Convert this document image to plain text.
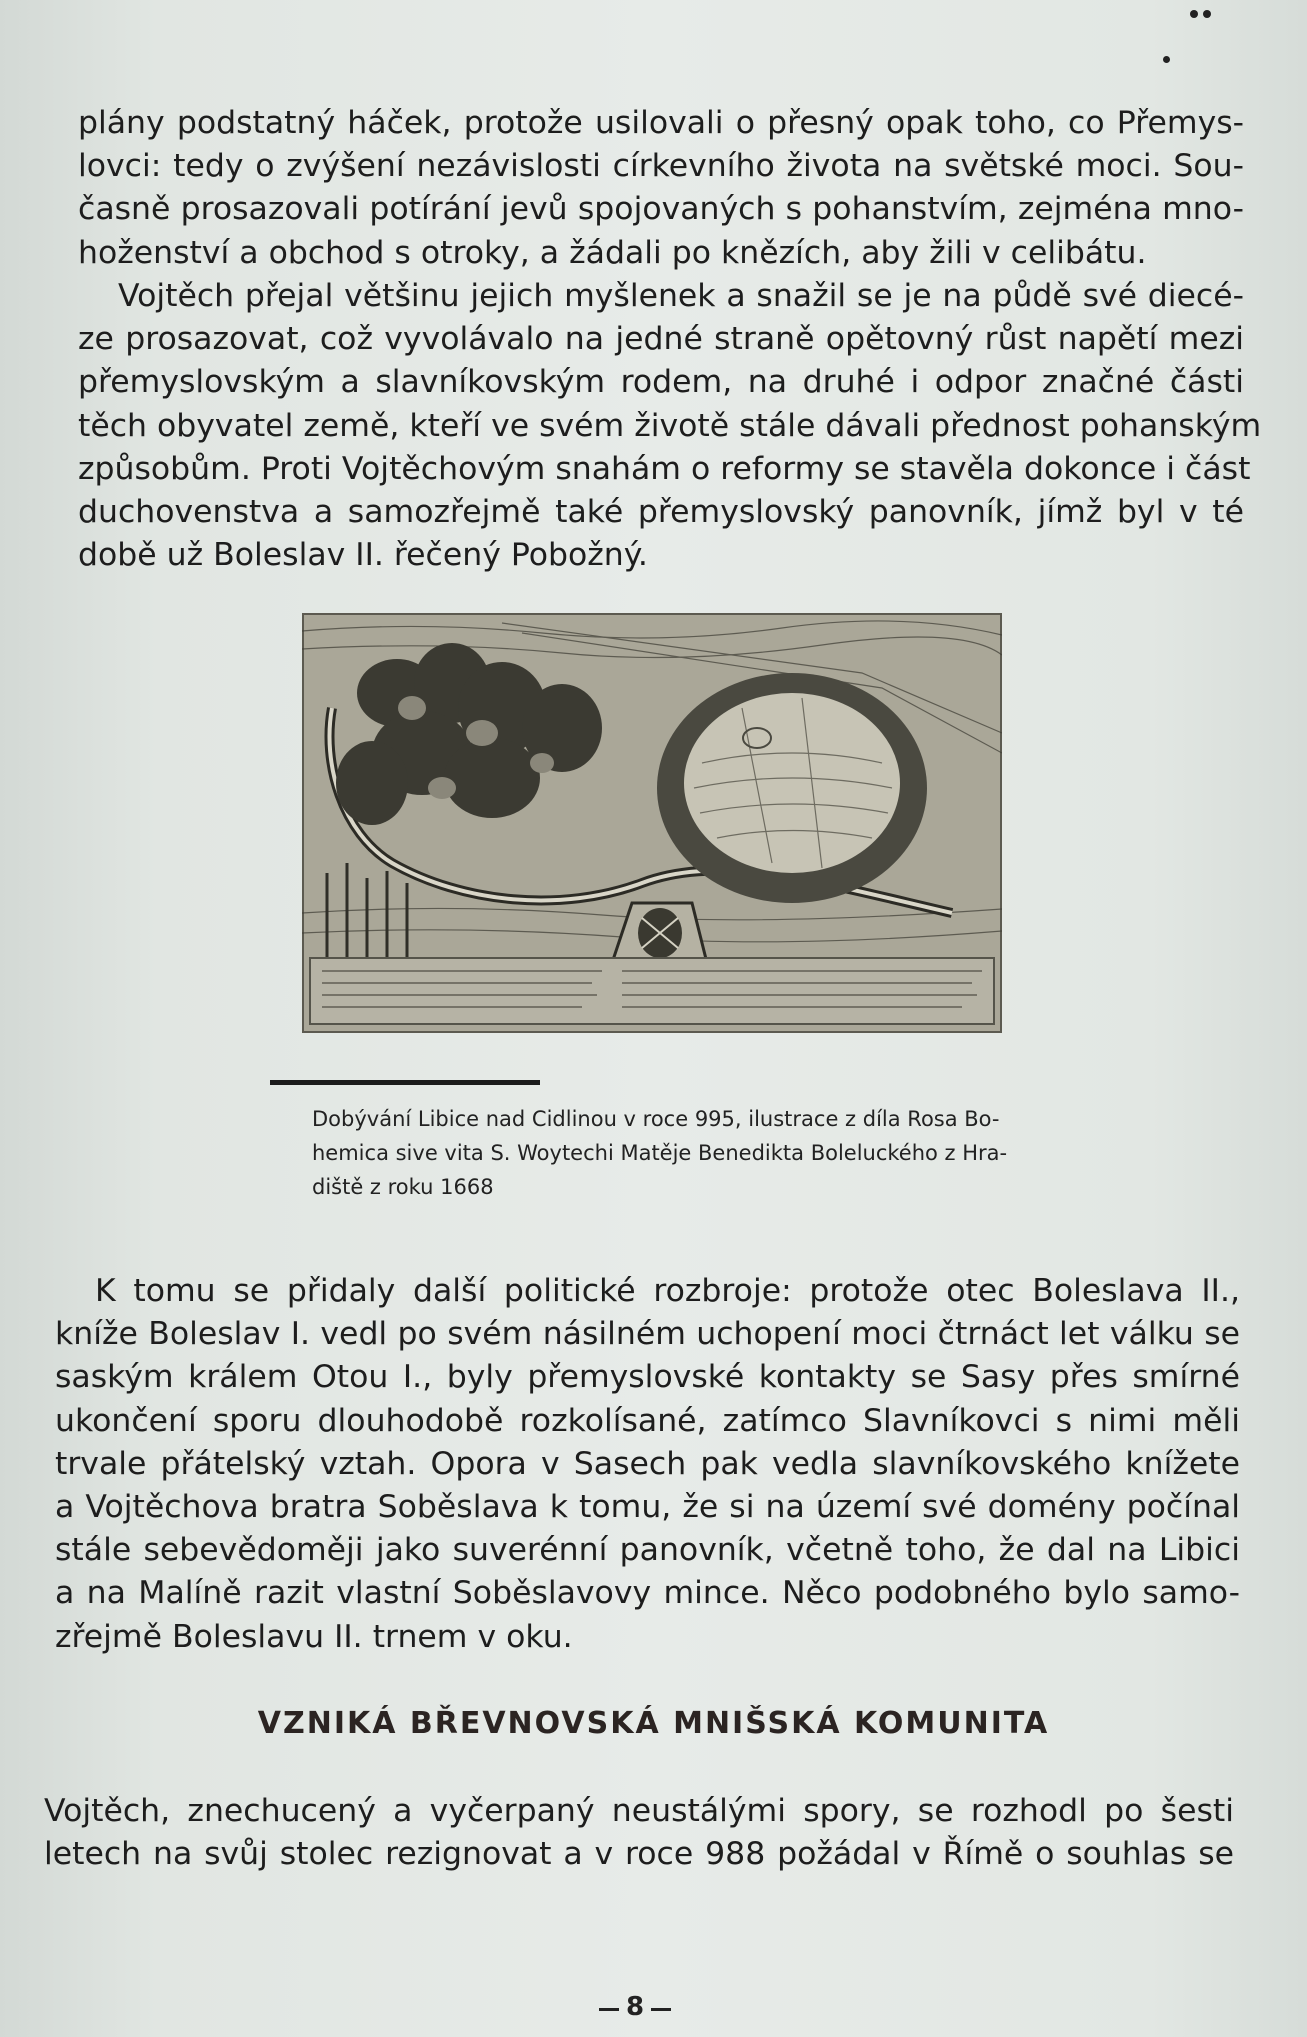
plány podstatný háček, protože usilovali o přesný opak toho, co Přemys-
lovci: tedy o zvýšení nezávislosti církevního života na světské moci. Sou-
časně prosazovali potírání jevů spojovaných s pohanstvím, zejména mno-
hoženství a obchod s otroky, a žádali po knězích, aby žili v celibátu.

Vojtěch přejal většinu jejich myšlenek a snažil se je na půdě své diecé-
ze prosazovat, což vyvolávalo na jedné straně opětovný růst napětí mezi
přemyslovským a slavníkovským rodem, na druhé i odpor značné části
těch obyvatel země, kteří ve svém životě stále dávali přednost pohanským
způsobům. Proti Vojtěchovým snahám o reformy se stavěla dokonce i část
duchovenstva a samozřejmě také přemyslovský panovník, jímž byl v té
době už Boleslav II. řečený Pobožný.

Dobývání Libice nad Cidlinou v roce 995, ilustrace z díla Rosa Bo-
hemica sive vita S. Woytechi Matěje Benedikta Boleluckého z Hra-
diště z roku 1668

K tomu se přidaly další politické rozbroje: protože otec Boleslava II.,
kníže Boleslav I. vedl po svém násilném uchopení moci čtrnáct let válku se
saským králem Otou I., byly přemyslovské kontakty se Sasy přes smírné
ukončení sporu dlouhodobě rozkolísané, zatímco Slavníkovci s nimi měli
trvale přátelský vztah. Opora v Sasech pak vedla slavníkovského knížete
a Vojtěchova bratra Soběslava k tomu, že si na území své domény počínal
stále sebevědoměji jako suverénní panovník, včetně toho, že dal na Libici
a na Malíně razit vlastní Soběslavovy mince. Něco podobného bylo samo-
zřejmě Boleslavu II. trnem v oku.

VZNIKÁ BŘEVNOVSKÁ MNIŠSKÁ KOMUNITA

Vojtěch, znechucený a vyčerpaný neustálými spory, se rozhodl po šesti
letech na svůj stolec rezignovat a v roce 988 požádal v Římě o souhlas se

8
